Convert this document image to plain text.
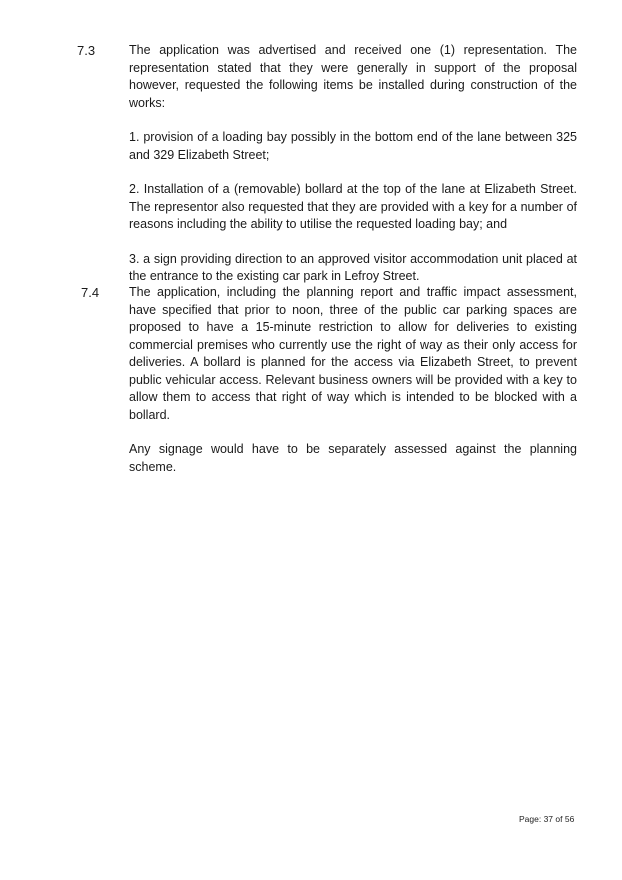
7.3	The application was advertised and received one (1) representation. The representation stated that they were generally in support of the proposal however, requested the following items be installed during construction of the works:

1. provision of a loading bay possibly in the bottom end of the lane between 325 and 329 Elizabeth Street;

2. Installation of a (removable) bollard at the top of the lane at Elizabeth Street. The representor also requested that they are provided with a key for a number of reasons including the ability to utilise the requested loading bay; and

3. a sign providing direction to an approved visitor accommodation unit placed at the entrance to the existing car park in Lefroy Street.

7.4 The application, including the planning report and traffic impact assessment, have specified that prior to noon, three of the public car parking spaces are proposed to have a 15-minute restriction to allow for deliveries to existing commercial premises who currently use the right of way as their only access for deliveries. A bollard is planned for the access via Elizabeth Street, to prevent public vehicular access. Relevant business owners will be provided with a key to allow them to access that right of way which is intended to be blocked with a bollard.

Any signage would have to be separately assessed against the planning scheme.

Page: 37 of 56
